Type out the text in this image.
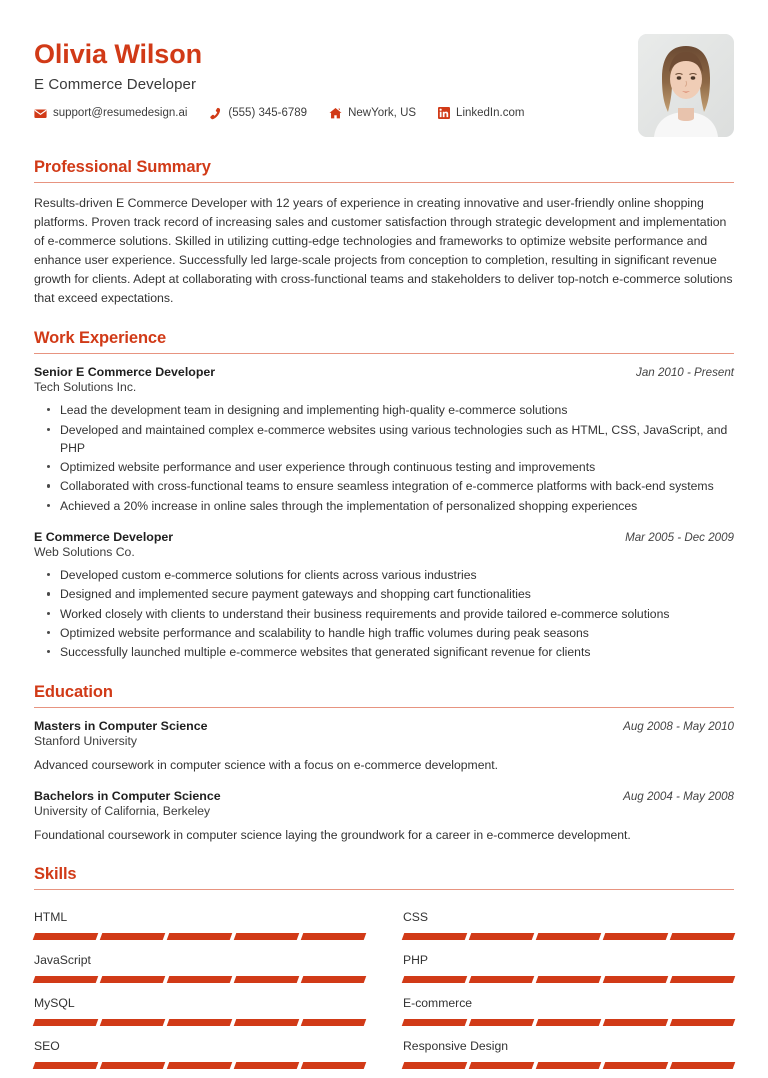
Olivia Wilson
E Commerce Developer
support@resumedesign.ai	(555) 345-6789	NewYork, US	LinkedIn.com
Professional Summary

Results-driven E Commerce Developer with 12 years of experience in creating innovative and user-friendly online shopping platforms. Proven track record of increasing sales and customer satisfaction through strategic development and implementation of e-commerce solutions. Skilled in utilizing cutting-edge technologies and frameworks to optimize website performance and enhance user experience. Successfully led large-scale projects from conception to completion, resulting in significant revenue growth for clients. Adept at collaborating with cross-functional teams and stakeholders to deliver top-notch e-commerce solutions that exceed expectations.

Work Experience
Senior E Commerce Developer	Jan 2010 - Present
Tech Solutions Inc.
Lead the development team in designing and implementing high-quality e-commerce solutions
Developed and maintained complex e-commerce websites using various technologies such as HTML, CSS, JavaScript, and PHP
Optimized website performance and user experience through continuous testing and improvements
Collaborated with cross-functional teams to ensure seamless integration of e-commerce platforms with back-end systems
Achieved a 20% increase in online sales through the implementation of personalized shopping experiences
E Commerce Developer	Mar 2005 - Dec 2009
Web Solutions Co.
Developed custom e-commerce solutions for clients across various industries
Designed and implemented secure payment gateways and shopping cart functionalities
Worked closely with clients to understand their business requirements and provide tailored e-commerce solutions
Optimized website performance and scalability to handle high traffic volumes during peak seasons
Successfully launched multiple e-commerce websites that generated significant revenue for clients
Education
Masters in Computer Science	Aug 2008 - May 2010
Stanford University
Advanced coursework in computer science with a focus on e-commerce development.
Bachelors in Computer Science	Aug 2004 - May 2008
University of California, Berkeley
Foundational coursework in computer science laying the groundwork for a career in e-commerce development.
Skills
HTML	CSS
JavaScript	PHP
MySQL	E-commerce
SEO	Responsive Design
